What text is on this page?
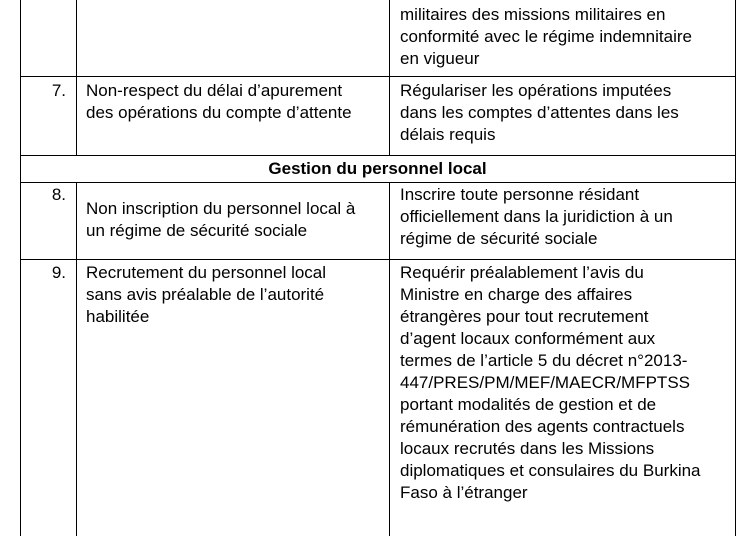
militaires des missions militaires en
conformité avec le régime indemnitaire
en vigueur
7. Non-respect du délai d’apurement
des opérations du compte d’attente
Régulariser les opérations imputées
dans les comptes d’attentes dans les
délais requis
Gestion du personnel local
8.
Non inscription du personnel local à
un régime de sécurité sociale
Inscrire toute personne résidant
officiellement dans la juridiction à un
régime de sécurité sociale
9. Recrutement du personnel local
sans avis préalable de l’autorité
habilitée
Requérir préalablement l’avis du
Ministre en charge des affaires
étrangères pour tout recrutement
d’agent locaux conformément aux
termes de l’article 5 du décret n°2013-
447/PRES/PM/MEF/MAECR/MFPTSS
portant modalités de gestion et de
rémunération des agents contractuels
locaux recrutés dans les Missions
diplomatiques et consulaires du Burkina
Faso à l’étranger
